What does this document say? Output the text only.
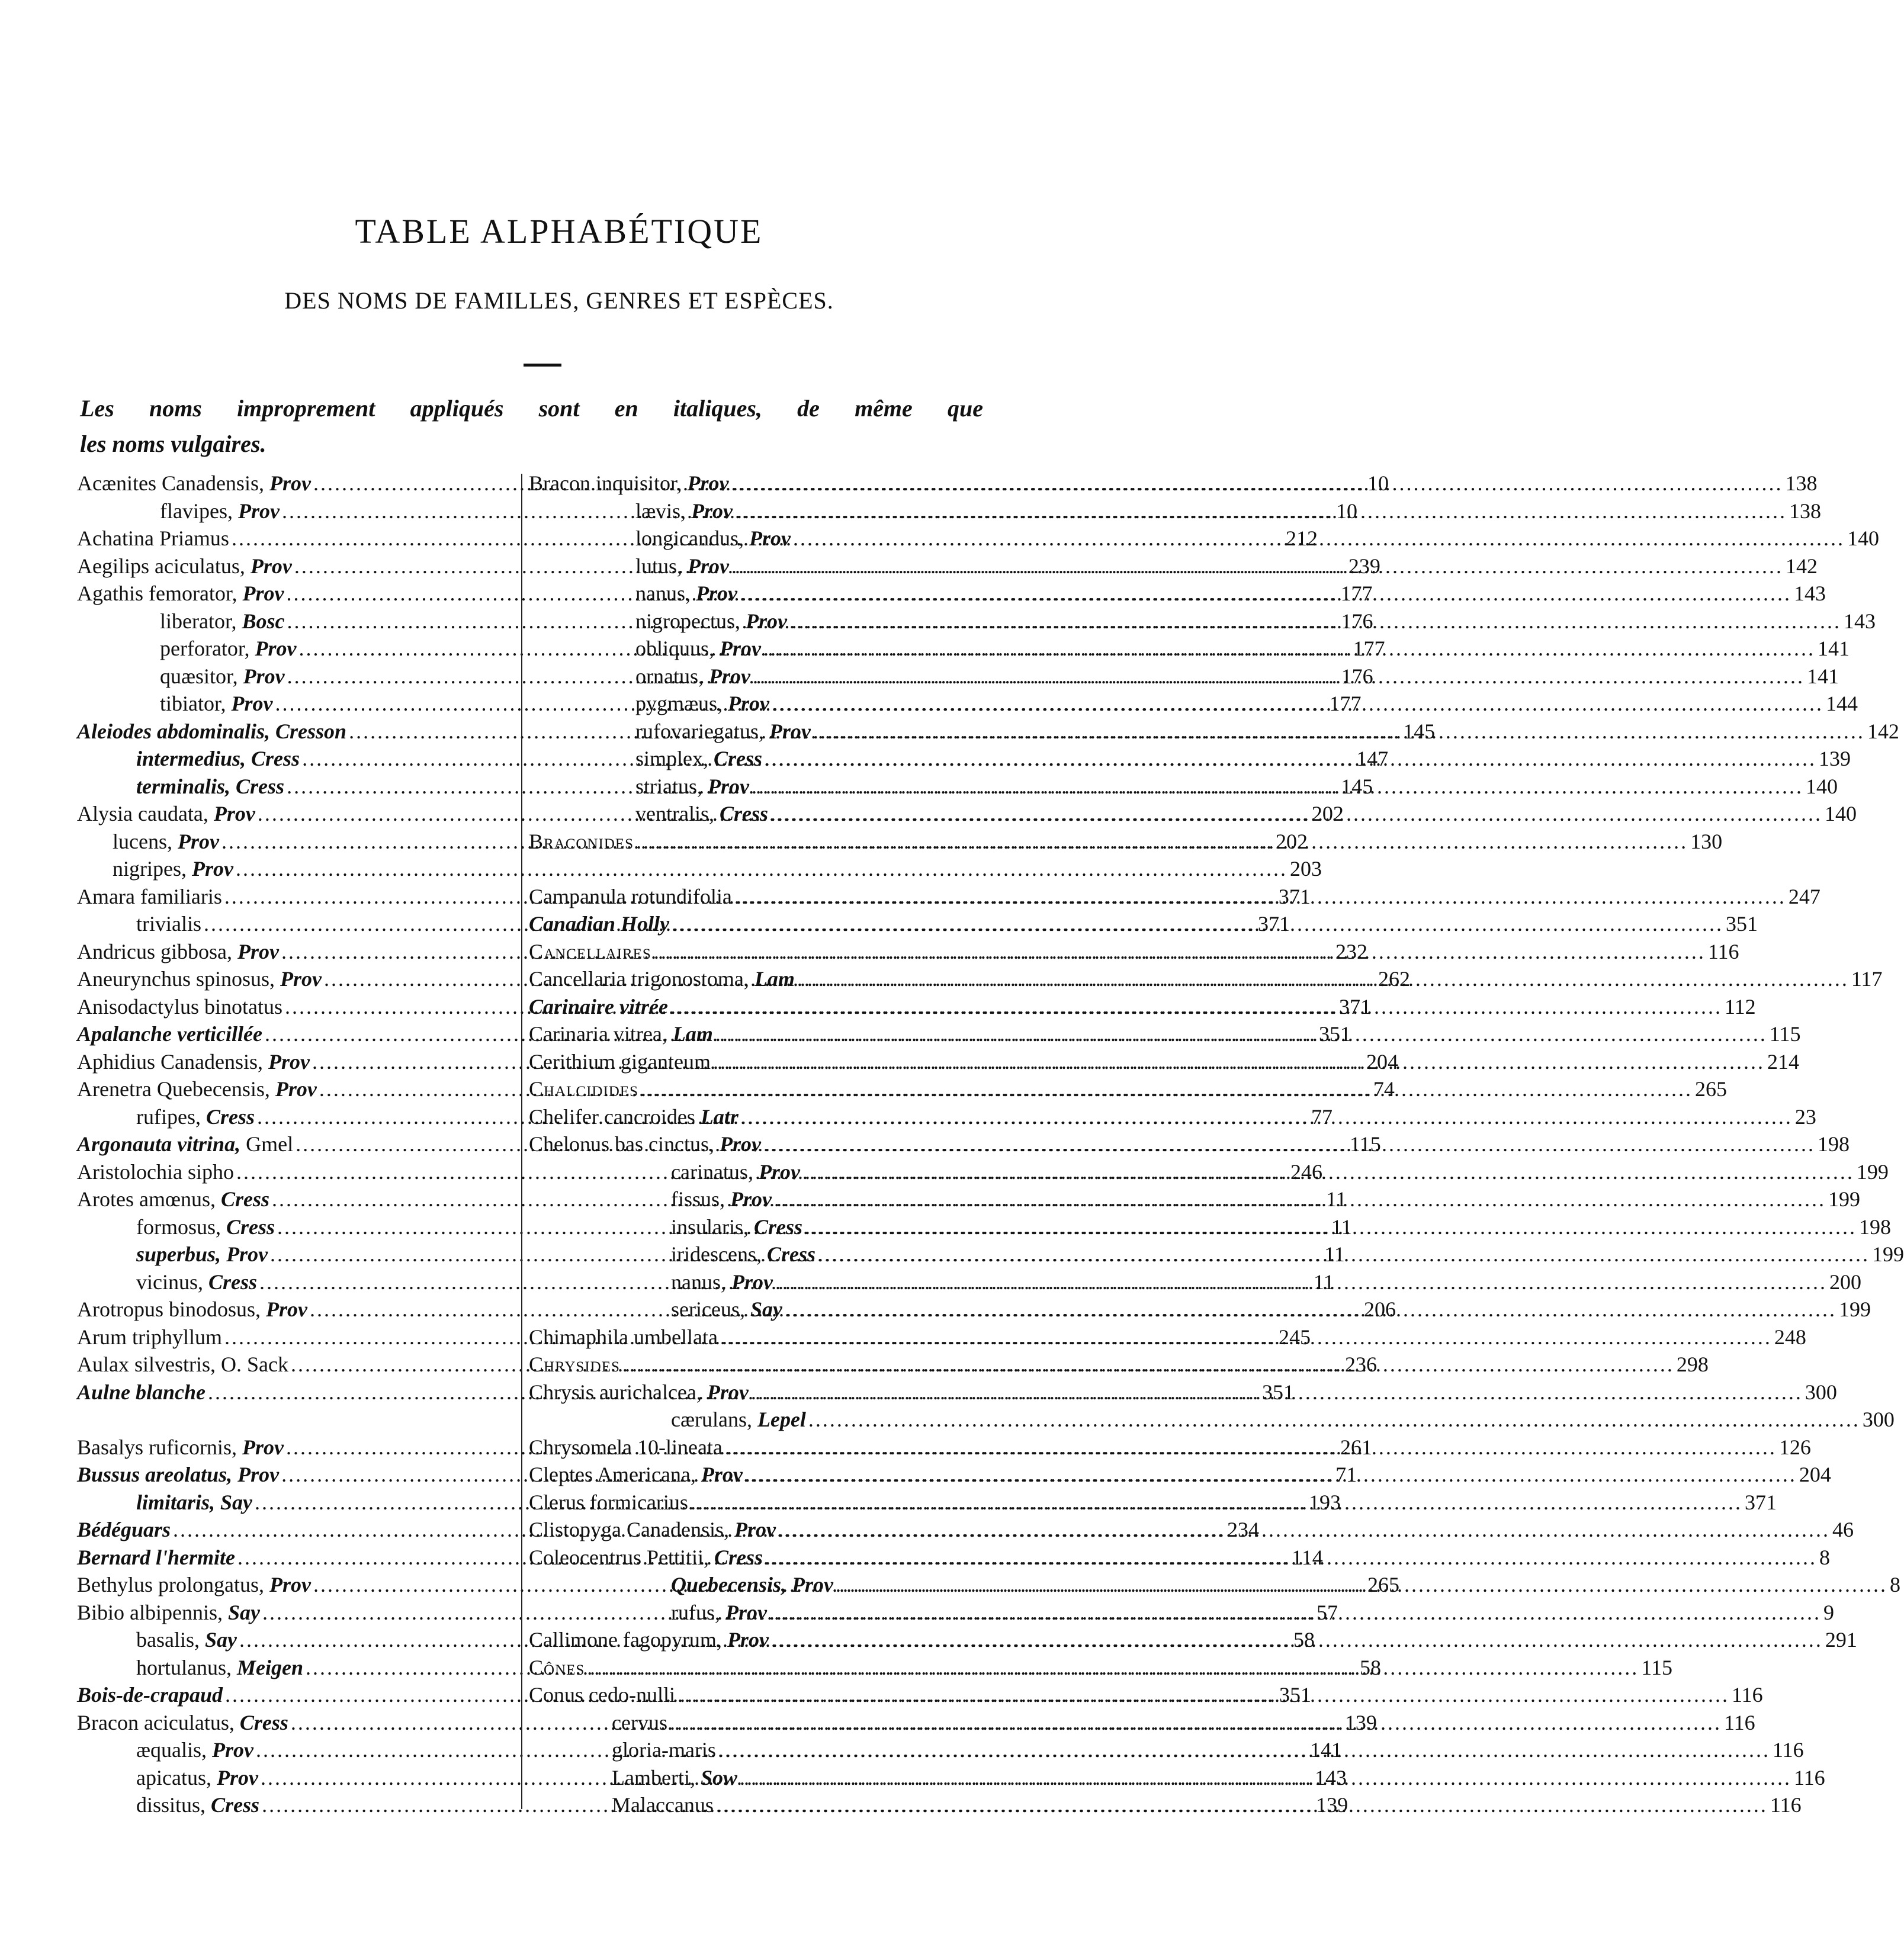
TABLE ALPHABÉTIQUE
DES NOMS DE FAMILLES, GENRES ET ESPÈCES.
Les noms improprement appliqués sont en italiques, de même que
les noms vulgaires.
Acænites Canadensis, Prov .....	10
flavipes, Prov .....	10
Achatina Priamus .....	212
Aegilips aciculatus, Prov .....	239
Agathis femorator, Prov .....	177
liberator, Bosc .....	176
perforator, Prov .....	177
quæsitor, Prov .....	176
tibiator, Prov .....	177
Aleiodes abdominalis, Cresson .....	145
intermedius, Cress .....	147
terminalis, Cress .....	145
Alysia caudata, Prov .....	202
lucens, Prov .....	202
nigripes, Prov .....	203
Amara familiaris .....	371
trivialis .....	371
Andricus gibbosa, Prov .....	232
Aneurynchus spinosus, Prov .....	262
Anisodactylus binotatus .....	371
Apalanche verticillée .....	351
Aphidius Canadensis, Prov .....	204
Arenetra Quebecensis, Prov .....	74
rufipes, Cress .....	77
Argonauta vitrina, Gmel .....	115
Aristolochia sipho .....	246
Arotes amœnus, Cress .....	11
formosus, Cress .....	11
superbus, Prov .....	11
vicinus, Cress .....	11
Arotropus binodosus, Prov .....	206
Arum triphyllum .....	245
Aulax silvestris, O. Sack .....	236
Aulne blanche .....	351
Basalys ruficornis, Prov .....	261
Bussus areolatus, Prov .....	71
limitaris, Say .....	193
Bédéguars .....	234
Bernard l'hermite .....	114
Bethylus prolongatus, Prov .....	265
Bibio albipennis, Say .....	57
basalis, Say .....	58
hortulanus, Meigen .....	58
Bois-de-crapaud .....	351
Bracon aciculatus, Cress .....	139
æqualis, Prov .....	141
apicatus, Prov .....	143
dissitus, Cress .....	139
Bracon inquisitor, Prov .....	138
lævis, Prov .....	138
longicandus, Prov .....	140
lutus, Prov .....	142
nanus, Prov .....	143
nigropectus, Prov .....	143
obliquus, Prov .....	141
ornatus, Prov .....	141
pygmæus, Prov .....	144
rufovariegatus, Prov .....	142
simplex, Cress .....	139
striatus, Prov .....	140
ventralis, Cress .....	140
Braconides .....	130
Campanula rotundifolia .....	247
Canadian Holly .....	351
Cancellaires .....	116
Cancellaria trigonostoma, Lam .....	117
Carinaire vitrée .....	112
Carinaria vitrea, Lam .....	115
Cerithium giganteum .....	214
Chalcidides .....	265
Chelifer cancroides Latr .....	23
Chelonus bas cinctus, Prov .....	198
carinatus, Prov .....	199
fissus, Prov .....	199
insularis, Cress .....	198
iridescens, Cress .....	199
nanus, Prov .....	200
sericeus, Say .....	199
Chimaphila umbellata .....	248
Chrysides .....	298
Chrysis aurichalcea, Prov .....	300
cærulans, Lepel .....	300
Chrysomela 10-lineata .....	126
Cleptes Americana, Prov .....	204
Clerus formicarius .....	371
Clistopyga Canadensis, Prov .....	46
Coleocentrus Pettitii, Cress .....	8
Quebecensis, Prov .....	8
rufus, Prov .....	9
Callimone fagopyrum, Prov .....	291
Cônes .....	115
Conus cedo-nulli .....	116
cervus .....	116
gloria-maris .....	116
Lamberti, Sow .....	116
Malaccanus .....	116
